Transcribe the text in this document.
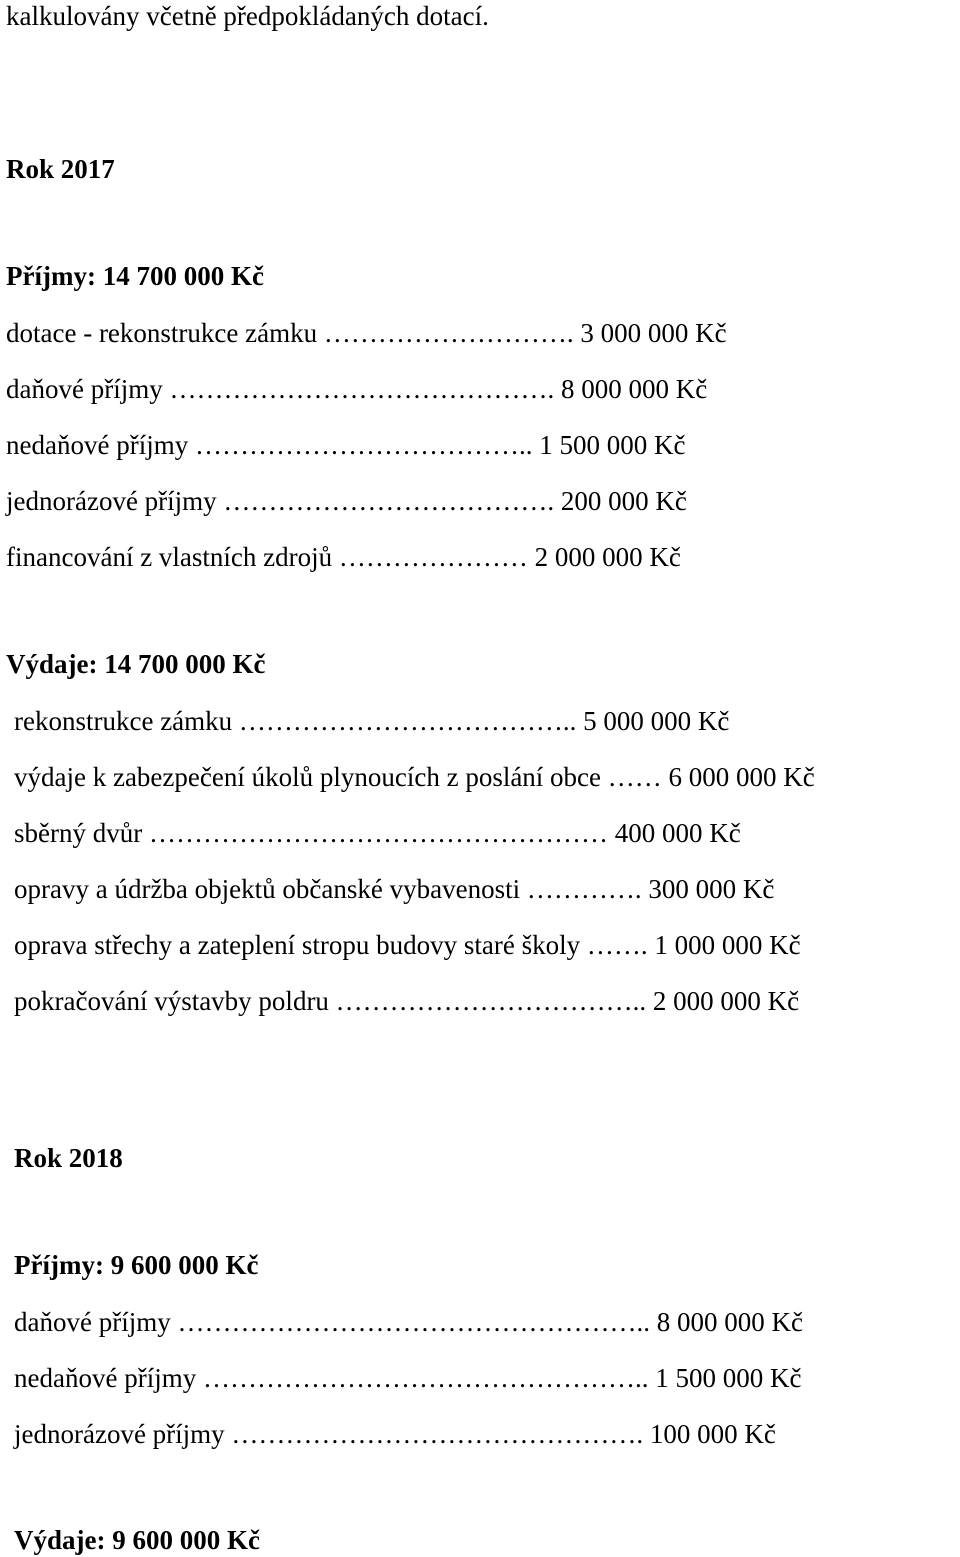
kalkulovány včetně předpokládaných dotací.
Rok 2017
Příjmy: 14 700 000 Kč
dotace - rekonstrukce zámku ………………………. 3 000 000 Kč
daňové příjmy ……………………………………. 8 000 000 Kč
nedaňové příjmy ……………………………….. 1 500 000 Kč
jednorázové příjmy ………………………………. 200 000 Kč
financování z vlastních zdrojů ………………… 2 000 000 Kč
Výdaje: 14 700 000 Kč
rekonstrukce zámku ……………………………….. 5 000 000 Kč
výdaje k zabezpečení úkolů plynoucích z poslání obce …… 6 000 000 Kč
sběrný dvůr …………………………………………… 400 000 Kč
opravy a údržba objektů občanské vybavenosti …………. 300 000 Kč
oprava střechy a zateplení stropu budovy staré školy ……. 1 000 000 Kč
pokračování výstavby poldru …………………………….. 2 000 000 Kč
Rok 2018
Příjmy: 9 600 000 Kč
daňové příjmy …………………………………………….. 8 000 000 Kč
nedaňové příjmy ………………………………………….. 1 500 000 Kč
jednorázové příjmy ………………………………………. 100 000 Kč
Výdaje: 9 600 000 Kč
